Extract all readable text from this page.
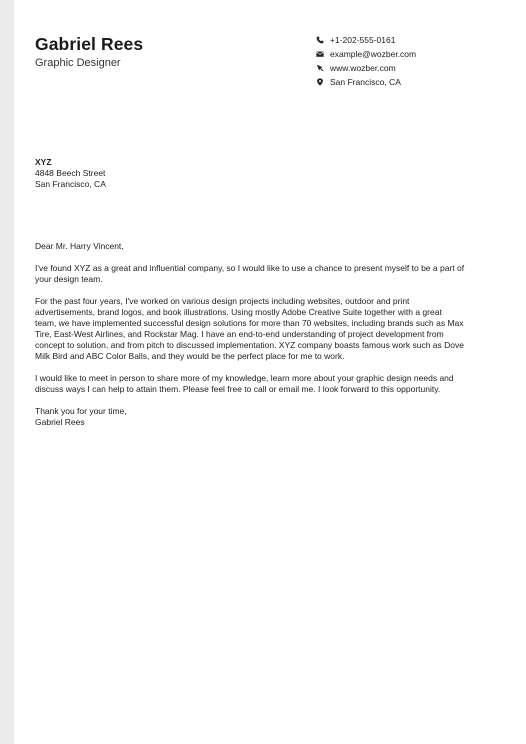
Gabriel Rees
Graphic Designer
+1-202-555-0161
example@wozber.com
www.wozber.com
San Francisco, CA
XYZ
4848 Beech Street
San Francisco, CA

Dear Mr. Harry Vincent,

I've found XYZ as a great and influential company, so I would like to use a chance to present myself to be a part of your design team.

For the past four years, I've worked on various design projects including websites, outdoor and print advertisements, brand logos, and book illustrations. Using mostly Adobe Creative Suite together with a great team, we have implemented successful design solutions for more than 70 websites, including brands such as Max Tire, East-West Airlines, and Rockstar Mag. I have an end-to-end understanding of project development from concept to solution, and from pitch to discussed implementation. XYZ company boasts famous work such as Dove Milk Bird and ABC Color Balls, and they would be the perfect place for me to work.

I would like to meet in person to share more of my knowledge, learn more about your graphic design needs and discuss ways I can help to attain them. Please feel free to call or email me. I look forward to this opportunity.

Thank you for your time,
Gabriel Rees
